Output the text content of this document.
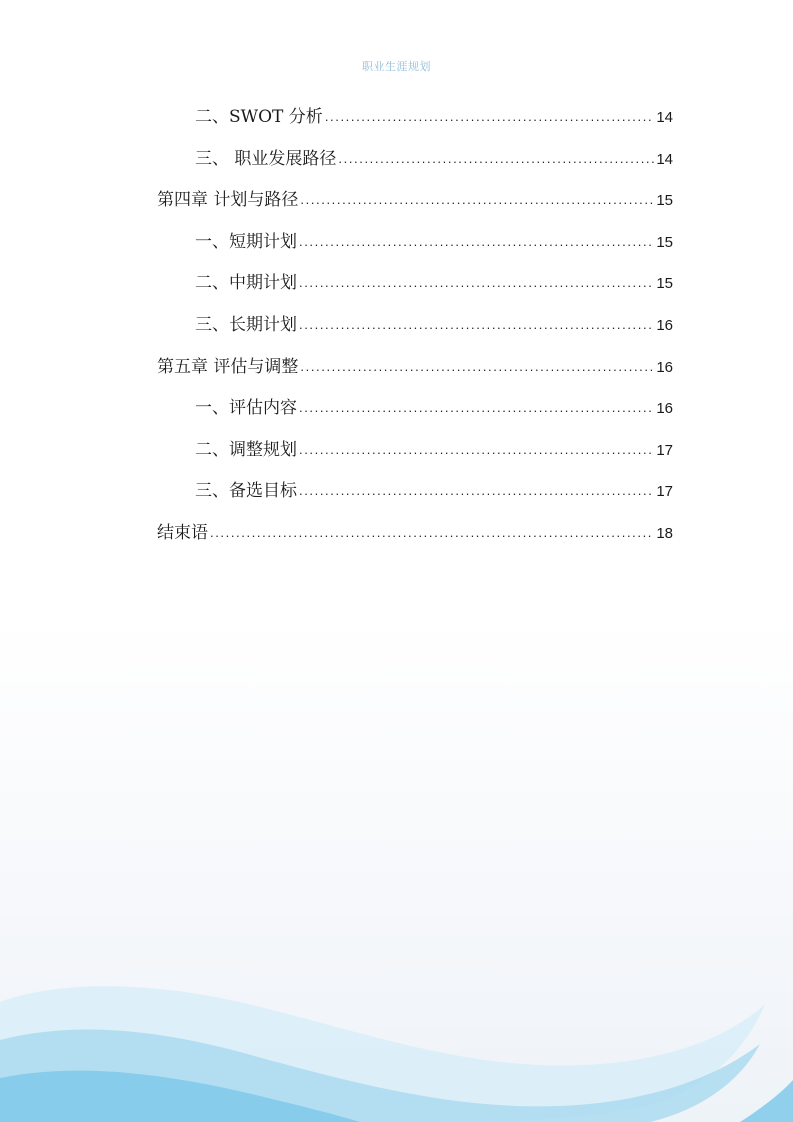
职业生涯规划
二、SWOT 分析 .....	14
三、 职业发展路径 .....	14
第四章 计划与路径 .....	15
一、短期计划 .....	15
二、中期计划 .....	15
三、长期计划 .....	16
第五章 评估与调整 .....	16
一、评估内容 .....	16
二、调整规划 .....	17
三、备选目标 .....	17
结束语 .....	18
